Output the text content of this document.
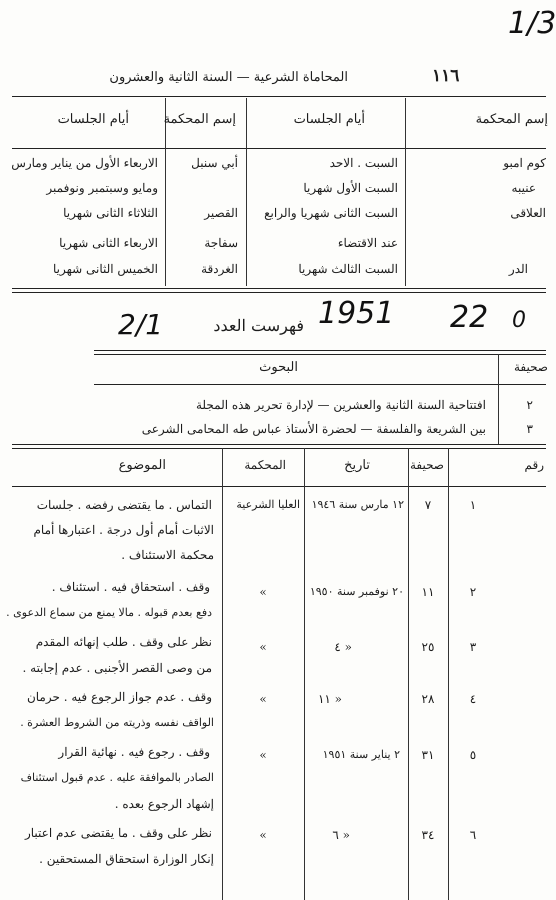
1/3
١١٦
المحاماة الشرعية — السنة الثانية والعشرون
إسم المحكمة
أيام الجلسات
إسم المحكمة
أيام الجلسات
كوم امبو
السبت . الاحد
أبي سنبل
الاربعاء الأول من يناير ومارس
عنيبه
السبت الأول شهريا
ومايو وسبتمبر ونوفمبر
العلاقى
السبت الثانى شهريا والرابع
القصير
الثلاثاء الثانى شهريا
عند الاقتضاء
سفاجة
الاربعاء الثانى شهريا
الدر
السبت الثالث شهريا
الغردقة
الخميس الثانى شهريا
2/1	فهرست العدد 1951 22 0
صحيفة
البحوث
٢
افتتاحية السنة الثانية والعشرين — لإدارة تحرير هذه المجلة
٣
بين الشريعة والفلسفة — لحضرة الأستاذ عباس طه المحامى الشرعى
رقم
صحيفة
تاريخ
المحكمة
الموضوع
١
٧
١٢ مارس سنة ١٩٤٦
العليا الشرعية
التماس . ما يقتضى رفضه . جلسات
الاثبات أمام أول درجة . اعتبارها أمام
محكمة الاستئناف .
٢
١١
٢٠ نوفمبر سنة ١٩٥٠
«
وقف . استحقاق فيه . استئناف .
دفع بعدم قبوله . مالا يمنع من سماع الدعوى .
٣
٢٥
« ٤
«
نظر على وقف . طلب إنهائه المقدم
من وصى القصر الأجنبى . عدم إجابته .
٤
٢٨
« ١١
«
وقف . عدم جواز الرجوع فيه . حرمان
الواقف نفسه وذريته من الشروط العشرة .
٥
٣١
٢ يناير سنة ١٩٥١
«
وقف . رجوع فيه . نهائية القرار
الصادر بالموافقة عليه . عدم قبول استئناف
إشهاد الرجوع بعده .
٦
٣٤
« ٦
«
نظر على وقف . ما يقتضى عدم اعتبار
إنكار الوزارة استحقاق المستحقين .
